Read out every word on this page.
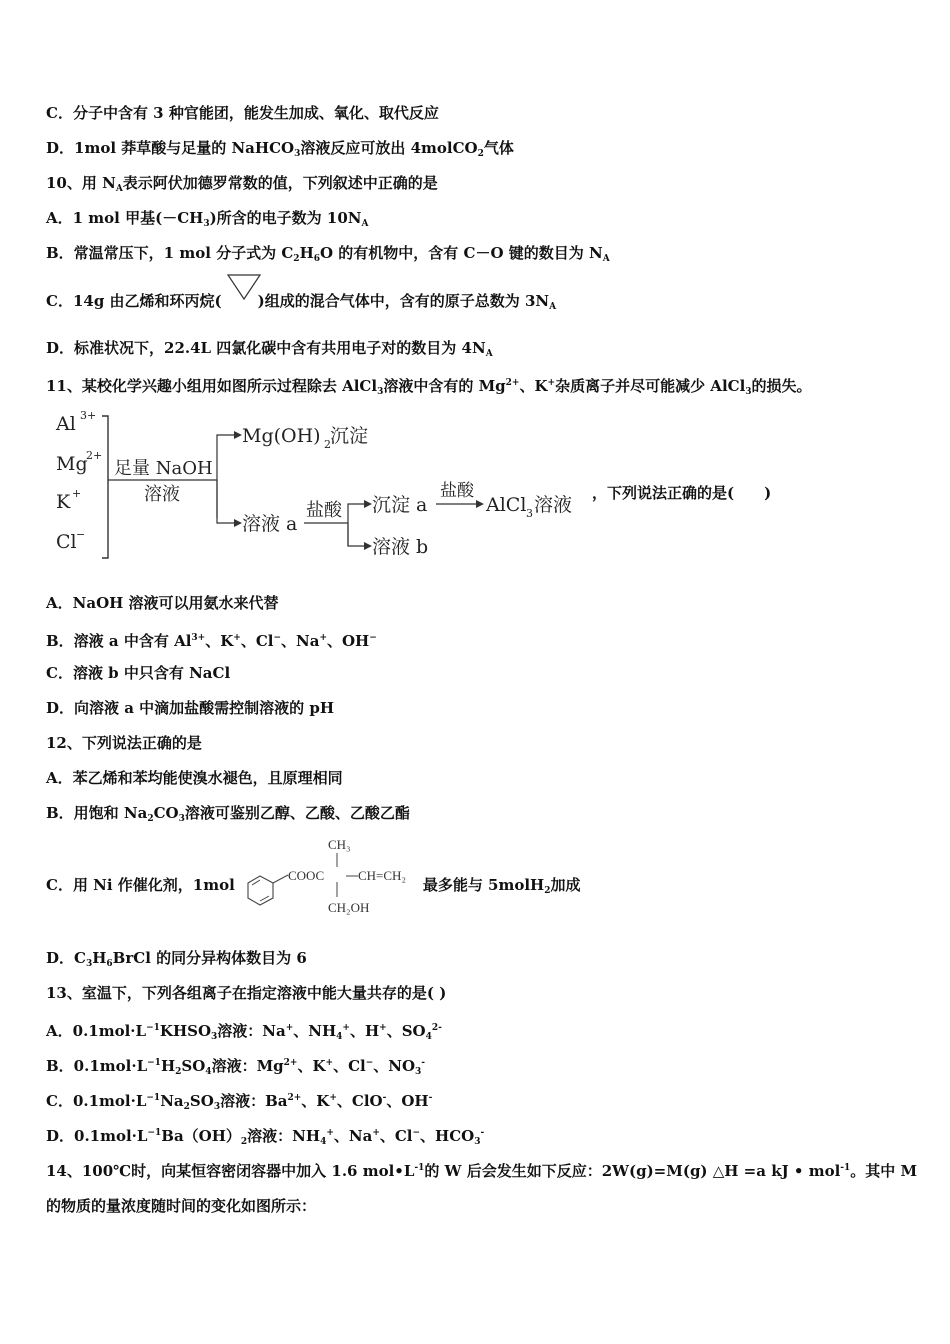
C．分子中含有 3 种官能团，能发生加成、氧化、取代反应
D．1mol 莽草酸与足量的 NaHCO$_3$溶液反应可放出 4molCO$_2$气体
10、用 $N_A$表示阿伏加德罗常数的值，下列叙述中正确的是
A．1 mol 甲基$(-CH_3)$所含的电子数为 $10N_A$
B．常温常压下，1 mol 分子式为 $C_2H_6O$ 的有机物中，含有 C－O 键的数目为 $N_A$
C．14g 由乙烯和环丙烷( )组成的混合气体中，含有的原子总数为 $3N_A$
D．标准状况下，22.4L 四氯化碳中含有共用电子对的数目为 $4N_A$
11、某校化学兴趣小组用如图所示过程除去 AlCl$_3$溶液中含有的 $Mg^{2+}$、K+杂质离子并尽可能减少 AlCl$_3$的损失。
Al 3+
Mg
2+
K +
Cl −
足量 NaOH
溶液
Mg(OH) 2 沉淀
溶液 a
盐酸 沉淀 a
盐酸
AlCl 3 溶液
溶液 b
，下列说法正确的是(　　)
A．NaOH 溶液可以用氨水来代替
B．溶液 a 中含有 $Al^{3+}$、K+、Cl−、Na+、OH−
C．溶液 b 中只含有 NaCl
D．向溶液 a 中滴加盐酸需控制溶液的 pH
12、下列说法正确的是
A．苯乙烯和苯均能使溴水褪色，且原理相同
B．用饱和 $Na_2CO_3$溶液可鉴别乙醇、乙酸、乙酸乙酯
C．用 Ni 作催化剂，1mol	最多能与 5molH$_2$加成
COOC
CH₃
CH=CH₂
CH₂OH
D．$C_3H_6BrCl$ 的同分异构体数目为 6
13、室温下，下列各组离子在指定溶液中能大量共存的是( )
A．$0.1mol\cdot L^{-1}KHSO_3$溶液：Na+、$NH_4^+$、H+、$SO_4^{2-}$
B．$0.1mol\cdot L^{-1}H_2SO_4$溶液：$Mg^{2+}$、K+、Cl−、$NO_3^-$
C．$0.1mol\cdot L^{-1}Na_2SO_3$溶液：$Ba^{2+}$、K+、ClO-、OH-
D．$0.1mol\cdot L^{-1}Ba(OH)_2$溶液：$NH_4^+$、Na+、Cl−、$HCO_3^-$
14、100℃时，向某恒容密闭容器中加入 1.6 $mol•L^{-1}$的 W 后会发生如下反应：2W(g)=M(g) △H =a kJ • mol$^{-1}$。其中 M
的物质的量浓度随时间的变化如图所示：
